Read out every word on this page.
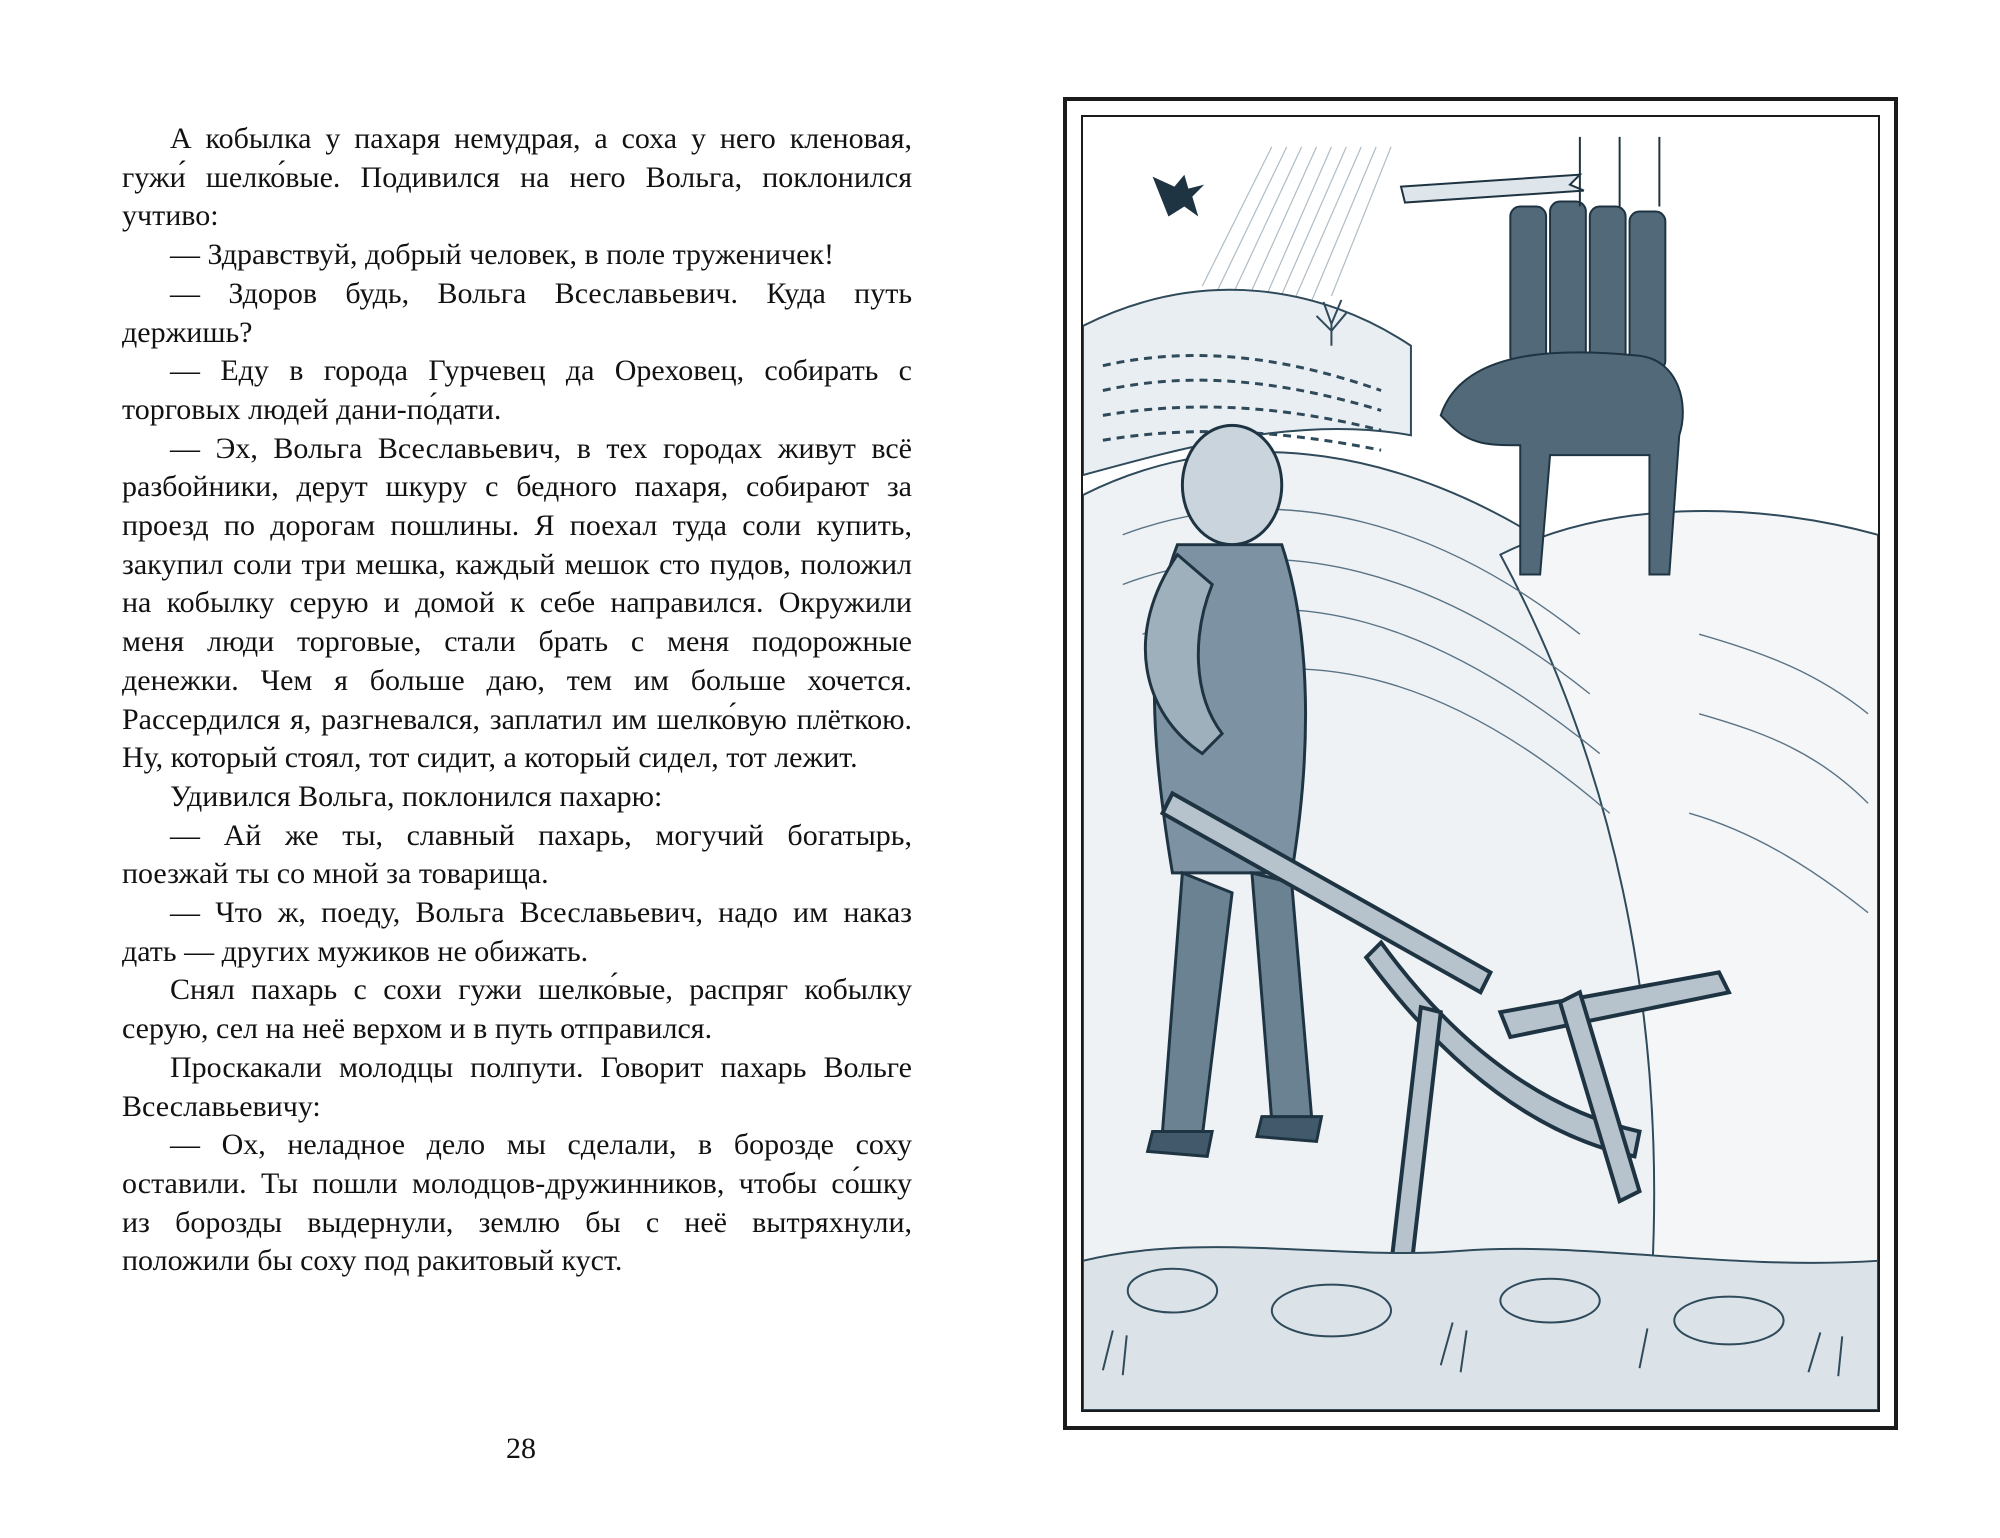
А кобылка у пахаря немудрая, а соха у него кленовая, гужи́ шелко́вые. Подивился на него Вольга, поклонился учтиво:

— Здравствуй, добрый человек, в поле труженичек!

— Здоров будь, Вольга Всеславьевич. Куда путь держишь?

— Еду в города Гурчевец да Ореховец, собирать с торговых людей дани-по́дати.

— Эх, Вольга Всеславьевич, в тех городах живут всё разбойники, дерут шкуру с бедного пахаря, собирают за проезд по дорогам пошлины. Я поехал туда соли купить, закупил соли три мешка, каждый мешок сто пудов, положил на кобылку серую и домой к себе направился. Окружили меня люди торговые, стали брать с меня подорожные денежки. Чем я больше даю, тем им больше хочется. Рассердился я, разгневался, заплатил им шелко́вую плёткою. Ну, который стоял, тот сидит, а который сидел, тот лежит.

Удивился Вольга, поклонился пахарю:

— Ай же ты, славный пахарь, могучий богатырь, поезжай ты со мной за товарища.

— Что ж, поеду, Вольга Всеславьевич, надо им наказ дать — других мужиков не обижать.

Снял пахарь с сохи гужи шелко́вые, распряг кобылку серую, сел на неё верхом и в путь отправился.

Проскакали молодцы полпути. Говорит пахарь Вольге Всеславьевичу:

— Ох, неладное дело мы сделали, в борозде соху оставили. Ты пошли молодцов-дружинников, чтобы со́шку из борозды выдернули, землю бы с неё вытряхнули, положили бы соху под ракитовый куст.

28
